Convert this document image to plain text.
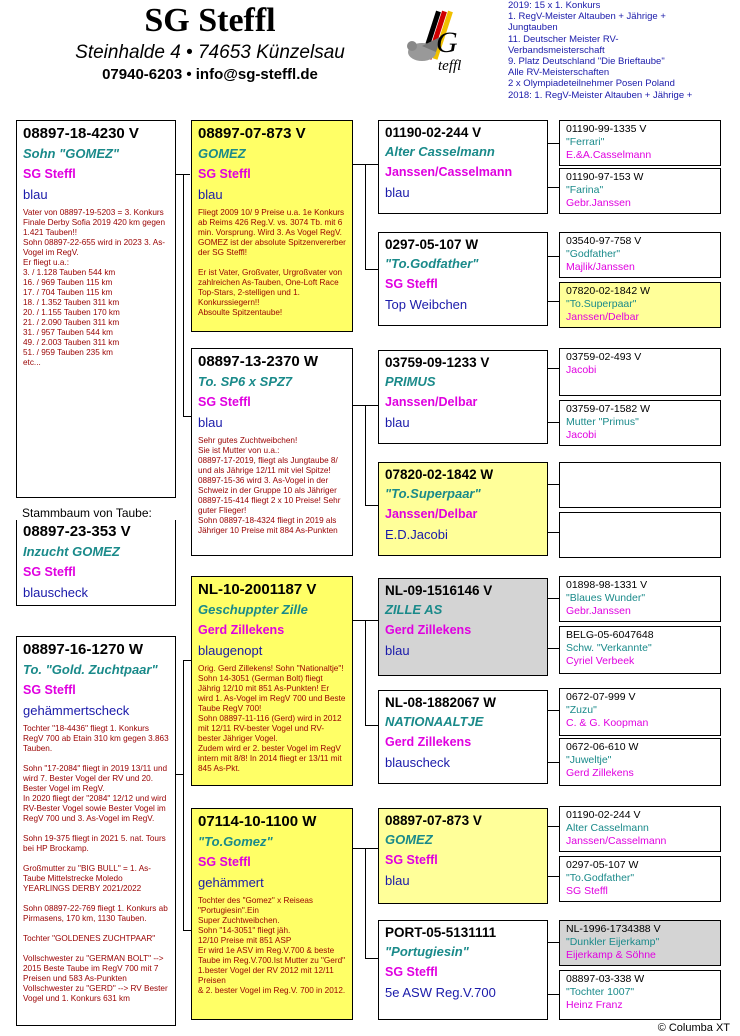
SG Steffl
Steinhalde 4 • 74653 Künzelsau
07940-6203 • info@sg-steffl.de
G
teffl
2019: 15 x 1. Konkurs
1. RegV-Meister Altauben + Jährige +
Jungtauben
11. Deutscher Meister RV-
Verbandsmeisterschaft
9. Platz Deutschland "Die Brieftaube"
Alle RV-Meisterschaften
2 x Olympiadeteilnehmer Posen Poland
2018: 1. RegV-Meister Altauben + Jährige +
08897-18-4230 V
Sohn "GOMEZ"
SG Steffl
blau
Vater von 08897-19-5203 = 3. Konkurs Finale Derby Sofia 2019 420 km gegen 1.421 Tauben!!
Sohn 08897-22-655 wird in 2023 3. As-Vogel im RegV.
Er fliegt u.a.:
3. / 1.128 Tauben 544 km
16. / 969 Tauben 115 km
17. / 704 Tauben 115 km
18. / 1.352 Tauben 311 km
20. / 1.155 Tauben 170 km
21. / 2.090 Tauben 311 km
31. / 957 Tauben 544 km
49. / 2.003 Tauben 311 km
51. / 959 Tauben 235 km
etc...
08897-23-353 V
Inzucht GOMEZ
SG Steffl
blauscheck
Stammbaum von Taube:
08897-16-1270 W
To. "Gold. Zuchtpaar"
SG Steffl
gehämmertscheck
Tochter "18-4436" fliegt 1. Konkurs RegV 700 ab Etain 310 km gegen 3.863 Tauben.

Sohn "17-2084" fliegt in 2019 13/11 und wird 7. Bester Vogel der RV und 20. Bester Vogel im RegV.
In 2020 fliegt der "2084" 12/12 und wird RV-Bester Vogel sowie Bester Vogel im RegV 700 und 3. As-Vogel im RegV.

Sohn 19-375 fliegt in 2021 5. nat. Tours bei HP Brockamp.

Großmutter zu "BIG BULL" = 1. As-Taube Mittelstrecke Moledo YEARLINGS DERBY 2021/2022

Sohn 08897-22-769 fliegt 1. Konkurs ab Pirmasens, 170 km, 1130 Tauben.

Tochter "GOLDENES ZUCHTPAAR"

Vollschwester zu "GERMAN BOLT" --> 2015 Beste Taube im RegV 700 mit 7 Preisen und 583 As-Punkten
Vollschwester zu "GERD" --> RV Bester Vogel und 1. Konkurs 631 km
08897-07-873 V
GOMEZ
SG Steffl
blau
Fliegt 2009 10/ 9 Preise u.a. 1e Konkurs ab Reims 426 Reg.V. vs. 3074 Tb. mit 6 min. Vorsprung. Wird 3. As Vogel RegV.
GOMEZ ist der absolute Spitzenvererber der SG Steffl!

Er ist Vater, Großvater, Urgroßvater von zahlreichen As-Tauben, One-Loft Race Top-Stars, 2-stelligen und 1. Konkurssiegern!!
Absoulte Spitzentaube!
08897-13-2370 W
To. SP6 x SPZ7
SG Steffl
blau
Sehr gutes Zuchtweibchen!
Sie ist Mutter von u.a.:
08897-17-2019, fliegt als Jungtaube 8/ und als Jährige 12/11 mit viel Spitze!
08897-15-36 wird 3. As-Vogel in der Schweiz in der Gruppe 10 als Jähriger
08897-15-414 fliegt 2 x 10 Preise! Sehr guter Flieger!
Sohn 08897-18-4324 fliegt in 2019 als Jähriger 10 Preise mit 884 As-Punkten
NL-10-2001187 V
Geschuppter Zille
Gerd Zillekens
blaugenopt
Orig. Gerd Zillekens! Sohn "Nationaltje"!
Sohn 14-3051 (German Bolt) fliegt Jährig 12/10 mit 851 As-Punkten! Er wird 1. As-Vogel im RegV 700 und Beste Taube RegV 700!
Sohn 08897-11-116 (Gerd) wird in 2012 mit 12/11 RV-bester Vogel und RV-bester Jähriger Vogel.
Zudem wird er 2. bester Vogel im RegV intern mit 8/8! In 2014 fliegt er 13/11 mit 845 As-Pkt.
07114-10-1100 W
"To.Gomez"
SG Steffl
gehämmert
Tochter des "Gomez" x Reiseas "Portugiesin".Ein
Super Zuchtweibchen.
Sohn "14-3051" fliegt jäh.
12/10 Preise mit 851 ASP
Er wird 1e ASV im Reg.V.700 & beste Taube im Reg.V.700.Ist Mutter zu "Gerd" 1.bester Vogel der RV 2012 mit 12/11 Preisen
& 2. bester Vogel im Reg.V. 700 in 2012.
01190-02-244 V
Alter Casselmann
Janssen/Casselmann
blau
0297-05-107 W
"To.Godfather"
SG Steffl
Top Weibchen
03759-09-1233 V
PRIMUS
Janssen/Delbar
blau
07820-02-1842 W
"To.Superpaar"
Janssen/Delbar
E.D.Jacobi
NL-09-1516146 V
ZILLE AS
Gerd Zillekens
blau
NL-08-1882067 W
NATIONAALTJE
Gerd Zillekens
blauscheck
08897-07-873 V
GOMEZ
SG Steffl
blau
PORT-05-5131111
"Portugiesin"
SG Steffl
5e ASW Reg.V.700
01190-99-1335 V
"Ferrari"
E.&A.Casselmann
01190-97-153 W
"Farina"
Gebr.Janssen
03540-97-758 V
"Godfather"
Majlik/Janssen
07820-02-1842 W
"To.Superpaar"
Janssen/Delbar
03759-02-493 V
Jacobi
03759-07-1582 W
Mutter "Primus"
Jacobi
01898-98-1331 V
"Blaues Wunder"
Gebr.Janssen
BELG-05-6047648
Schw. "Verkannte"
Cyriel Verbeek
0672-07-999 V
"Zuzu"
C. & G. Koopman
0672-06-610 W
"Juweltje"
Gerd Zillekens
01190-02-244 V
Alter Casselmann
Janssen/Casselmann
0297-05-107 W
"To.Godfather"
SG Steffl
NL-1996-1734388 V
"Dunkler Eijerkamp"
Eijerkamp & Söhne
08897-03-338 W
"Tochter 1007"
Heinz Franz
© Columba XT
